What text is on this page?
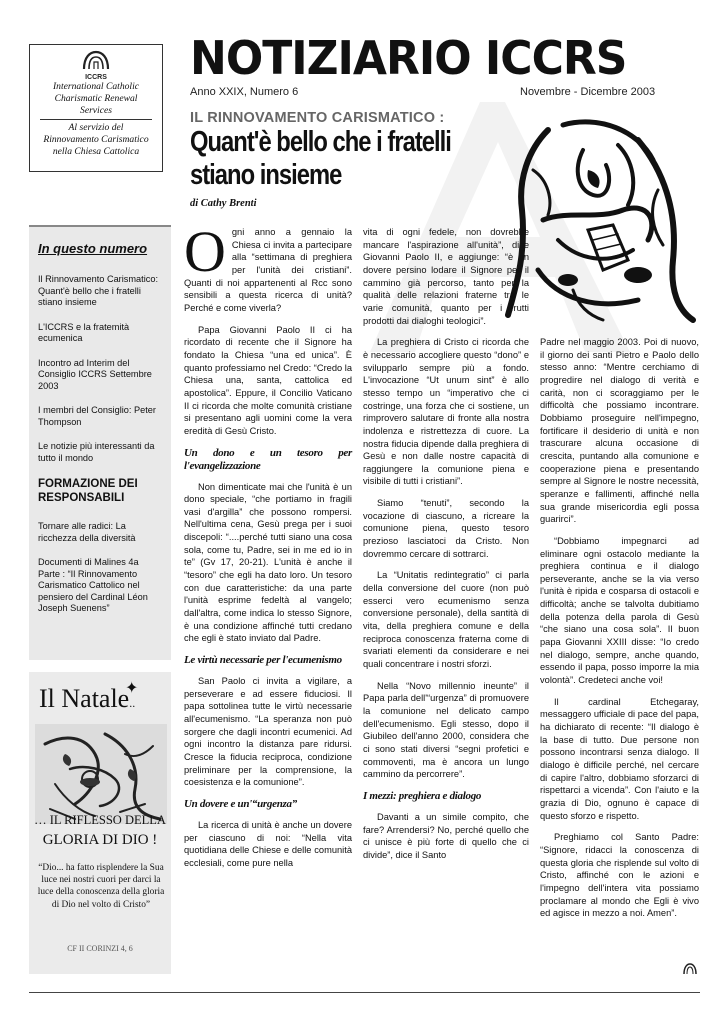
ICCRS
International Catholic
Charismatic Renewal
Services
Al servizio del
Rinnovamento Carismatico
nella Chiesa Cattolica
NOTIZIARIO ICCRS
Anno XXIX, Numero 6	Novembre - Dicembre 2003
IL RINNOVAMENTO CARISMATICO :
Quant'è bello che i fratelli stiano insieme
di Cathy Brenti
In questo numero
Il Rinnovamento Carismatico: Quant'è bello che i fratelli stiano insieme
L'ICCRS e la fratemità ecumenica
Incontro ad Interim del Consiglio ICCRS Settembre 2003
I membri del Consiglio: Peter Thompson
Le notizie più interessanti da tutto il mondo
FORMAZIONE DEI RESPONSABILI
Tornare alle radici: La ricchezza della diversità
Documenti di Malines 4a Parte : “Il Rinnovamento Carismatico Cattolico nel pensiero del Cardinal Léon Joseph Suenens”
Il Natale..
✦
… IL RIFLESSO DELLA
GLORIA DI DIO !
“Dio... ha fatto risplendere la Sua luce nei nostri cuori per darci la luce della conoscenza della gloria di Dio nel volto di Cristo”
CF II CORINZI 4, 6

Ogni anno a gennaio la Chiesa ci invita a partecipare alla “settimana di preghiera per l'unità dei cristiani”. Quanti di noi appartenenti al Rcc sono sensibili a questa ricerca di unità? Perché e come viverla?

Papa Giovanni Paolo II ci ha ricordato di recente che il Signore ha fondato la Chiesa “una ed unica”. È quanto professiamo nel Credo: “Credo la Chiesa una, santa, cattolica ed apostolica”. Eppure, il Concilio Vaticano II ci ricorda che molte comunità cristiane si presentano agli uomini come la vera eredità di Gesù Cristo.

Un dono e un tesoro per l'evangelizzazione

Non dimenticate mai che l'unità è un dono speciale, “che portiamo in fragili vasi d'argilla” che possono rompersi. Nell'ultima cena, Gesù prega per i suoi discepoli: “....perché tutti siano una cosa sola, come tu, Padre, sei in me ed io in te” (Gv 17, 20-21). L'unità è anche il “tesoro” che egli ha dato loro. Un tesoro con due caratteristiche: da una parte l'unità esprime fedeltà al vangelo; dall'altra, come indica lo stesso Signore, è una condizione affinché tutti credano che egli è stato inviato dal Padre.

Le virtù necessarie per l'ecumenismo

San Paolo ci invita a vigilare, a perseverare e ad essere fiduciosi. Il papa sottolinea tutte le virtù necessarie all'ecumenismo. “La speranza non può sorgere che dagli incontri ecumenici. Ad ogni incontro la distanza pare ridursi. Cresce la fiducia reciproca, condizione preliminare per la comprensione, la coesistenza e la comunione”.

Un dovere e un'“urgenza”

La ricerca di unità è anche un dovere per ciascuno di noi: “Nella vita quotidiana delle Chiese e delle comunità ecclesiali, come pure nella

vita di ogni fedele, non dovrebbe mancare l'aspirazione all'unità”, dice Giovanni Paolo II, e aggiunge: “è un dovere persino lodare il Signore per il cammino già percorso, tanto per la qualità delle relazioni fraterne tra le varie comunità, quanto per i frutti prodotti dai dialoghi teologici”.

La preghiera di Cristo ci ricorda che è necessario accogliere questo “dono” e svilupparlo sempre più a fondo. L'invocazione “Ut unum sint” è allo stesso tempo un “imperativo che ci costringe, una forza che ci sostiene, un rimprovero salutare di fronte alla nostra indolenza e ristrettezza di cuore. La nostra fiducia dipende dalla preghiera di Gesù e non dalle nostre capacità di raggiungere la comunione piena e visibile di tutti i cristiani”.

Siamo “tenuti”, secondo la vocazione di ciascuno, a ricreare la comunione piena, questo tesoro prezioso lasciatoci da Cristo. Non dovremmo cercare di sottrarci.

La “Unitatis redintegratio” ci parla della conversione del cuore (non può esserci vero ecumenismo senza conversione personale), della santità di vita, della preghiera comune e della reciproca conoscenza fraterna come di svariati elementi da considerare e nei quali concentrare i nostri sforzi.

Nella “Novo millennio ineunte” il Papa parla dell'“urgenza” di promuovere la comunione nel delicato campo dell'ecumenismo. Egli stesso, dopo il Giubileo dell'anno 2000, considera che ci sono stati diversi “segni profetici e commoventi, ma è ancora un lungo cammino da percorrere”.

I mezzi: preghiera e dialogo

Davanti a un simile compito, che fare? Arrendersi? No, perché quello che ci unisce è più forte di quello che ci divide”, dice il Santo

Padre nel maggio 2003. Poi di nuovo, il giorno dei santi Pietro e Paolo dello stesso anno: “Mentre cerchiamo di progredire nel dialogo di verità e carità, non ci scoraggiamo per le difficoltà che possiamo incontrare. Dobbiamo proseguire nell'impegno, fortificare il desiderio di unità e non trascurare alcuna occasione di crescita, puntando alla comunione e cooperazione piena e presentando sempre al Signore le nostre necessità, speranze e fallimenti, affinché nella sua grande misericordia egli possa guarirci”.

“Dobbiamo impegnarci ad eliminare ogni ostacolo mediante la preghiera continua e il dialogo perseverante, anche se la via verso l'unità è ripida e cosparsa di ostacoli e difficoltà; anche se talvolta dubitiamo della potenza della parola di Gesù “che siano una cosa sola”. Il buon papa Giovanni XXIII disse: “Io credo nel dialogo, sempre, anche quando, essendo il papa, posso imporre la mia volontà”. Credeteci anche voi!

Il cardinal Etchegaray, messaggero ufficiale di pace del papa, ha dichiarato di recente: “Il dialogo è la base di tutto. Due persone non possono incontrarsi senza dialogo. Il dialogo è difficile perché, nel cercare di capire l'altro, dobbiamo sforzarci di rispettarci a vicenda”. Con l'aiuto e la grazia di Dio, ognuno è capace di questo sforzo e rispetto.

Preghiamo col Santo Padre: “Signore, ridacci la conoscenza di questa gloria che risplende sul volto di Cristo, affinché con le azioni e l'impegno dell'intera vita possiamo proclamare al mondo che Egli è vivo ed agisce in mezzo a noi. Amen”.
